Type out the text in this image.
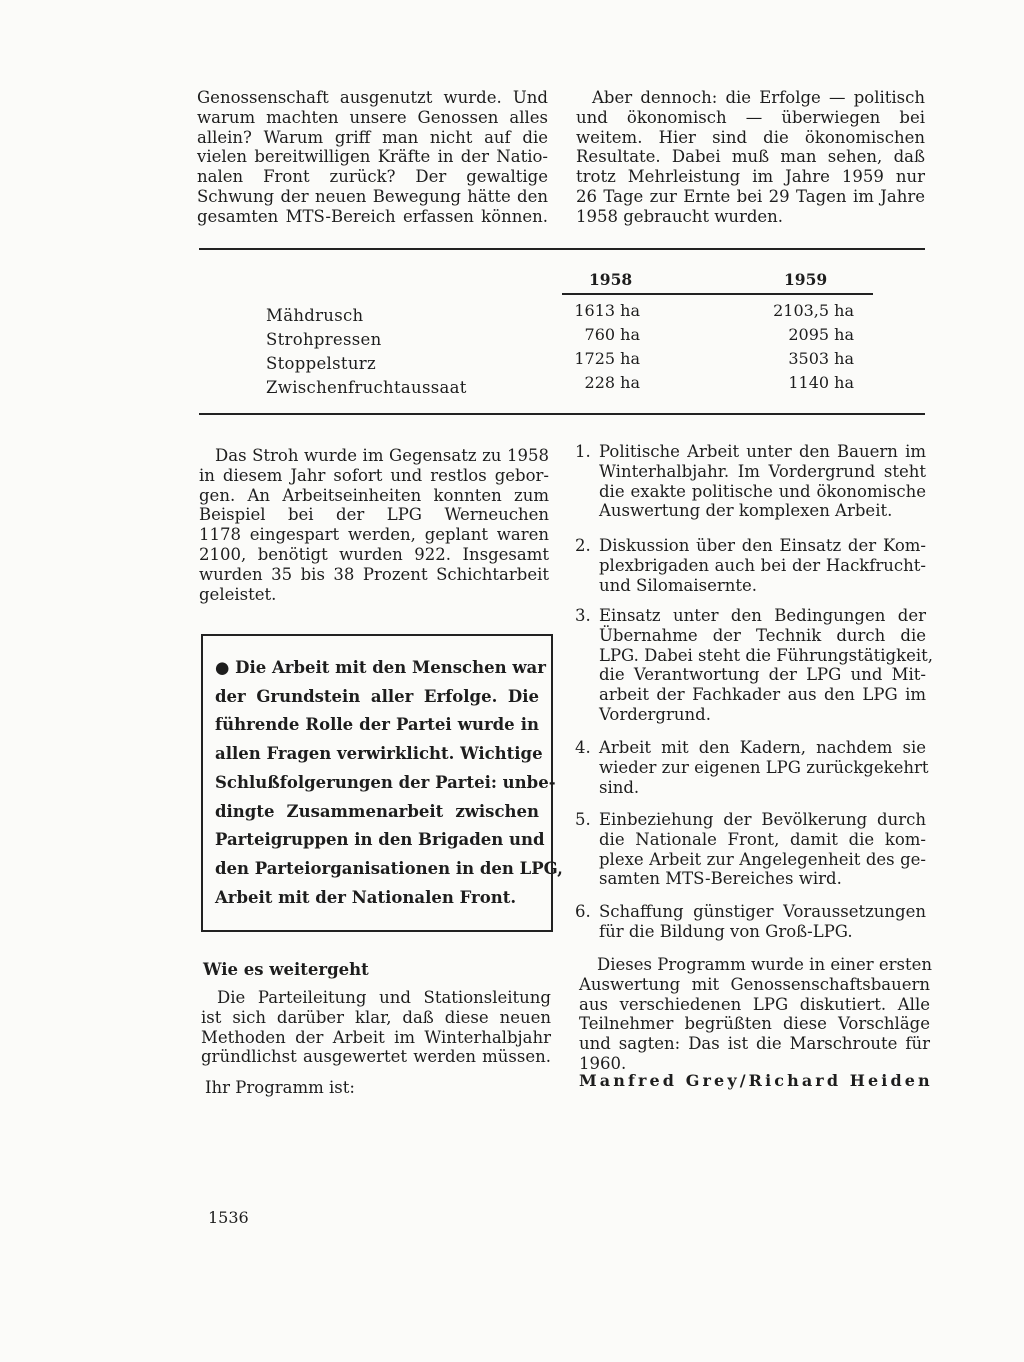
Genossenschaft ausgenutzt wurde. Und
warum machten unsere Genossen alles
allein? Warum griff man nicht auf die
vielen bereitwilligen Kräfte in der Natio-
nalen Front zurück? Der gewaltige
Schwung der neuen Bewegung hätte den
gesamten MTS-Bereich erfassen können.
Aber dennoch: die Erfolge — politisch
und ökonomisch — überwiegen bei
weitem. Hier sind die ökonomischen
Resultate. Dabei muß man sehen, daß
trotz Mehrleistung im Jahre 1959 nur
26 Tage zur Ernte bei 29 Tagen im Jahre
1958 gebraucht wurden.
1958	1959
Mähdrusch
Strohpressen
Stoppelsturz
Zwischenfruchtaussaat
1613 ha
760 ha
1725 ha
228 ha
2103,5 ha
2095 ha
3503 ha
1140 ha
Das Stroh wurde im Gegensatz zu 1958
in diesem Jahr sofort und restlos gebor-
gen. An Arbeitseinheiten konnten zum
Beispiel bei der LPG Werneuchen
1178 eingespart werden, geplant waren
2100, benötigt wurden 922. Insgesamt
wurden 35 bis 38 Prozent Schichtarbeit
geleistet.
● Die Arbeit mit den Menschen war
der Grundstein aller Erfolge. Die
führende Rolle der Partei wurde in
allen Fragen verwirklicht. Wichtige
Schlußfolgerungen der Partei: unbe-
dingte Zusammenarbeit zwischen
Parteigruppen in den Brigaden und
den Parteiorganisationen in den LPG,
Arbeit mit der Nationalen Front.
Wie es weitergeht
Die Parteileitung und Stationsleitung
ist sich darüber klar, daß diese neuen
Methoden der Arbeit im Winterhalbjahr
gründlichst ausgewertet werden müssen.
Ihr Programm ist:
1. Politische Arbeit unter den Bauern im
Winterhalbjahr. Im Vordergrund steht
die exakte politische und ökonomische
Auswertung der komplexen Arbeit.
2. Diskussion über den Einsatz der Kom-
plexbrigaden auch bei der Hackfrucht-
und Silomaisernte.
3. Einsatz unter den Bedingungen der
Übernahme der Technik durch die
LPG. Dabei steht die Führungstätigkeit,
die Verantwortung der LPG und Mit-
arbeit der Fachkader aus den LPG im
Vordergrund.
4. Arbeit mit den Kadern, nachdem sie
wieder zur eigenen LPG zurückgekehrt
sind.
5. Einbeziehung der Bevölkerung durch
die Nationale Front, damit die kom-
plexe Arbeit zur Angelegenheit des ge-
samten MTS-Bereiches wird.
6. Schaffung günstiger Voraussetzungen
für die Bildung von Groß-LPG.
Dieses Programm wurde in einer ersten
Auswertung mit Genossenschaftsbauern
aus verschiedenen LPG diskutiert. Alle
Teilnehmer begrüßten diese Vorschläge
und sagten: Das ist die Marschroute für
1960.
Manfred Grey/Richard Heiden
1536
